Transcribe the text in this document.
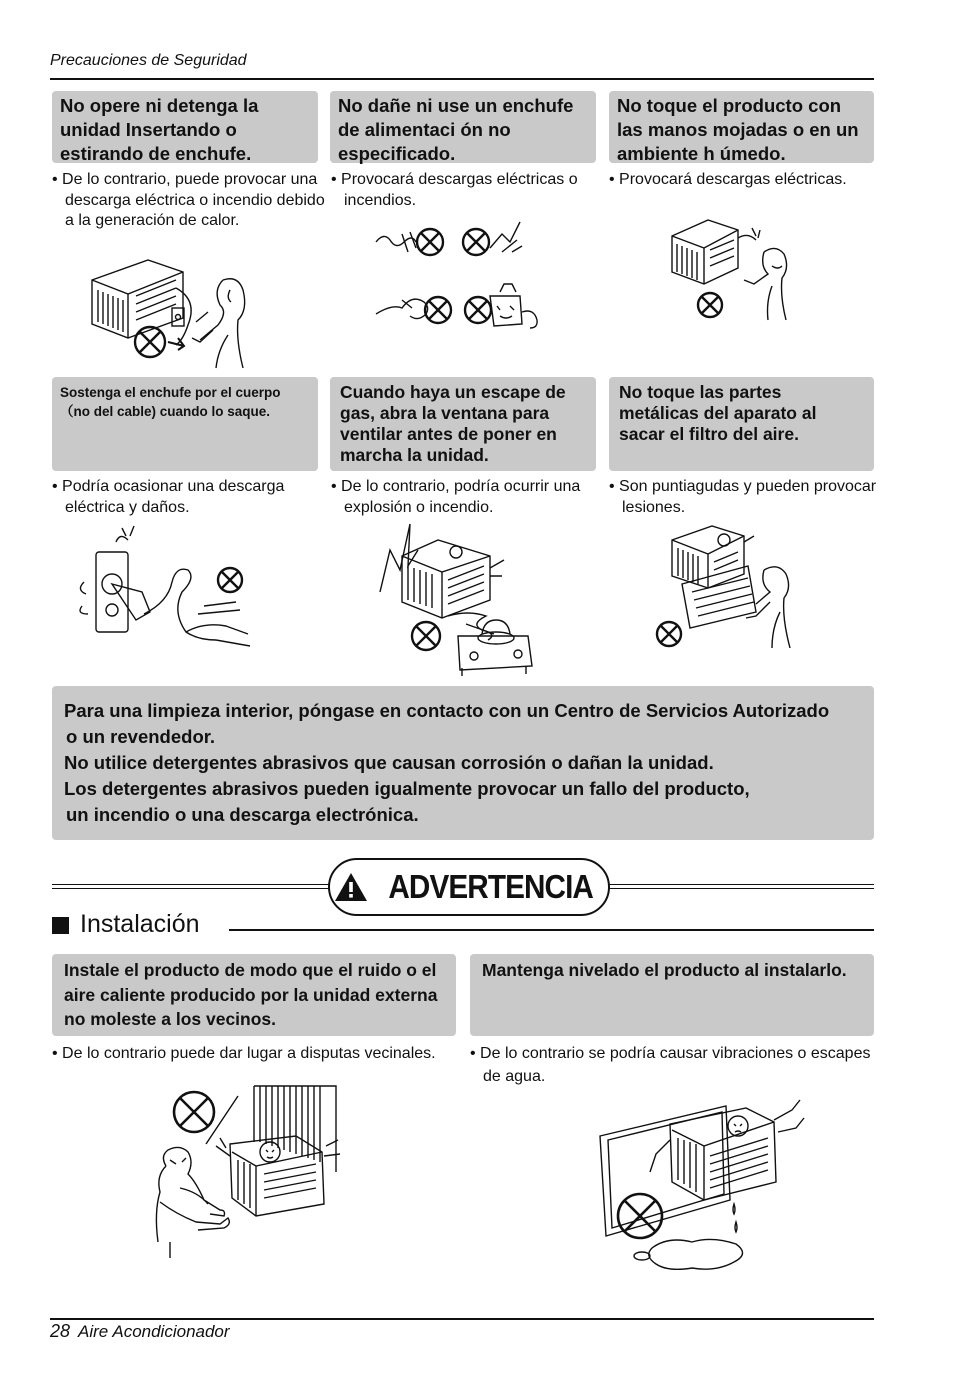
Precauciones de Seguridad
No opere ni detenga la unidad Insertando o estirando de enchufe.
No dañe ni use un enchufe de alimentaci ón no especificado.
No toque el producto con las manos mojadas o en un ambiente h úmedo.
• De lo contrario, puede provocar una descarga eléctrica o incendio debido a la generación de calor.
• Provocará descargas eléctricas o incendios.
• Provocará descargas eléctricas.
Sostenga el enchufe por el cuerpo（no del cable) cuando lo saque.
Cuando haya un escape de gas, abra la ventana para ventilar antes de poner en marcha la unidad.
No toque las partes metálicas del aparato al sacar el filtro del aire.
• Podría ocasionar una descarga eléctrica y daños.
• De lo contrario, podría ocurrir una explosión o incendio.
• Son puntiagudas y pueden provocar lesiones.
Para una limpieza interior, póngase en contacto con un Centro de Servicios Autorizado
o un revendedor.
No utilice detergentes abrasivos que causan corrosión o dañan la unidad.
Los detergentes abrasivos pueden igualmente provocar un fallo del producto,
un incendio o una descarga electrónica.
ADVERTENCIA
Instalación
Instale el producto de modo que el ruido o el aire caliente producido por la unidad externa no moleste a los vecinos.
Mantenga nivelado el producto al instalarlo.
• De lo contrario puede dar lugar a disputas vecinales.	• De lo contrario se podría causar vibraciones o escapes de agua.
28 Aire Acondicionador
